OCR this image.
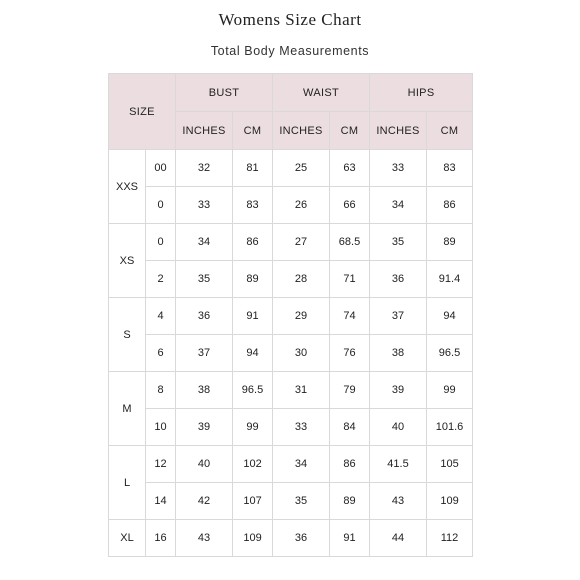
Womens Size Chart
Total Body Measurements
SIZE		BUST		WAIST		HIPS	
		INCHES	CM	INCHES	CM	INCHES	CM
XXS	00	32	81	25	63	33	83
	0	33	83	26	66	34	86
XS	0	34	86	27	68.5	35	89
	2	35	89	28	71	36	91.4
S	4	36	91	29	74	37	94
	6	37	94	30	76	38	96.5
M	8	38	96.5	31	79	39	99
	10	39	99	33	84	40	101.6
L	12	40	102	34	86	41.5	105
	14	42	107	35	89	43	109
XL	16	43	109	36	91	44	112
